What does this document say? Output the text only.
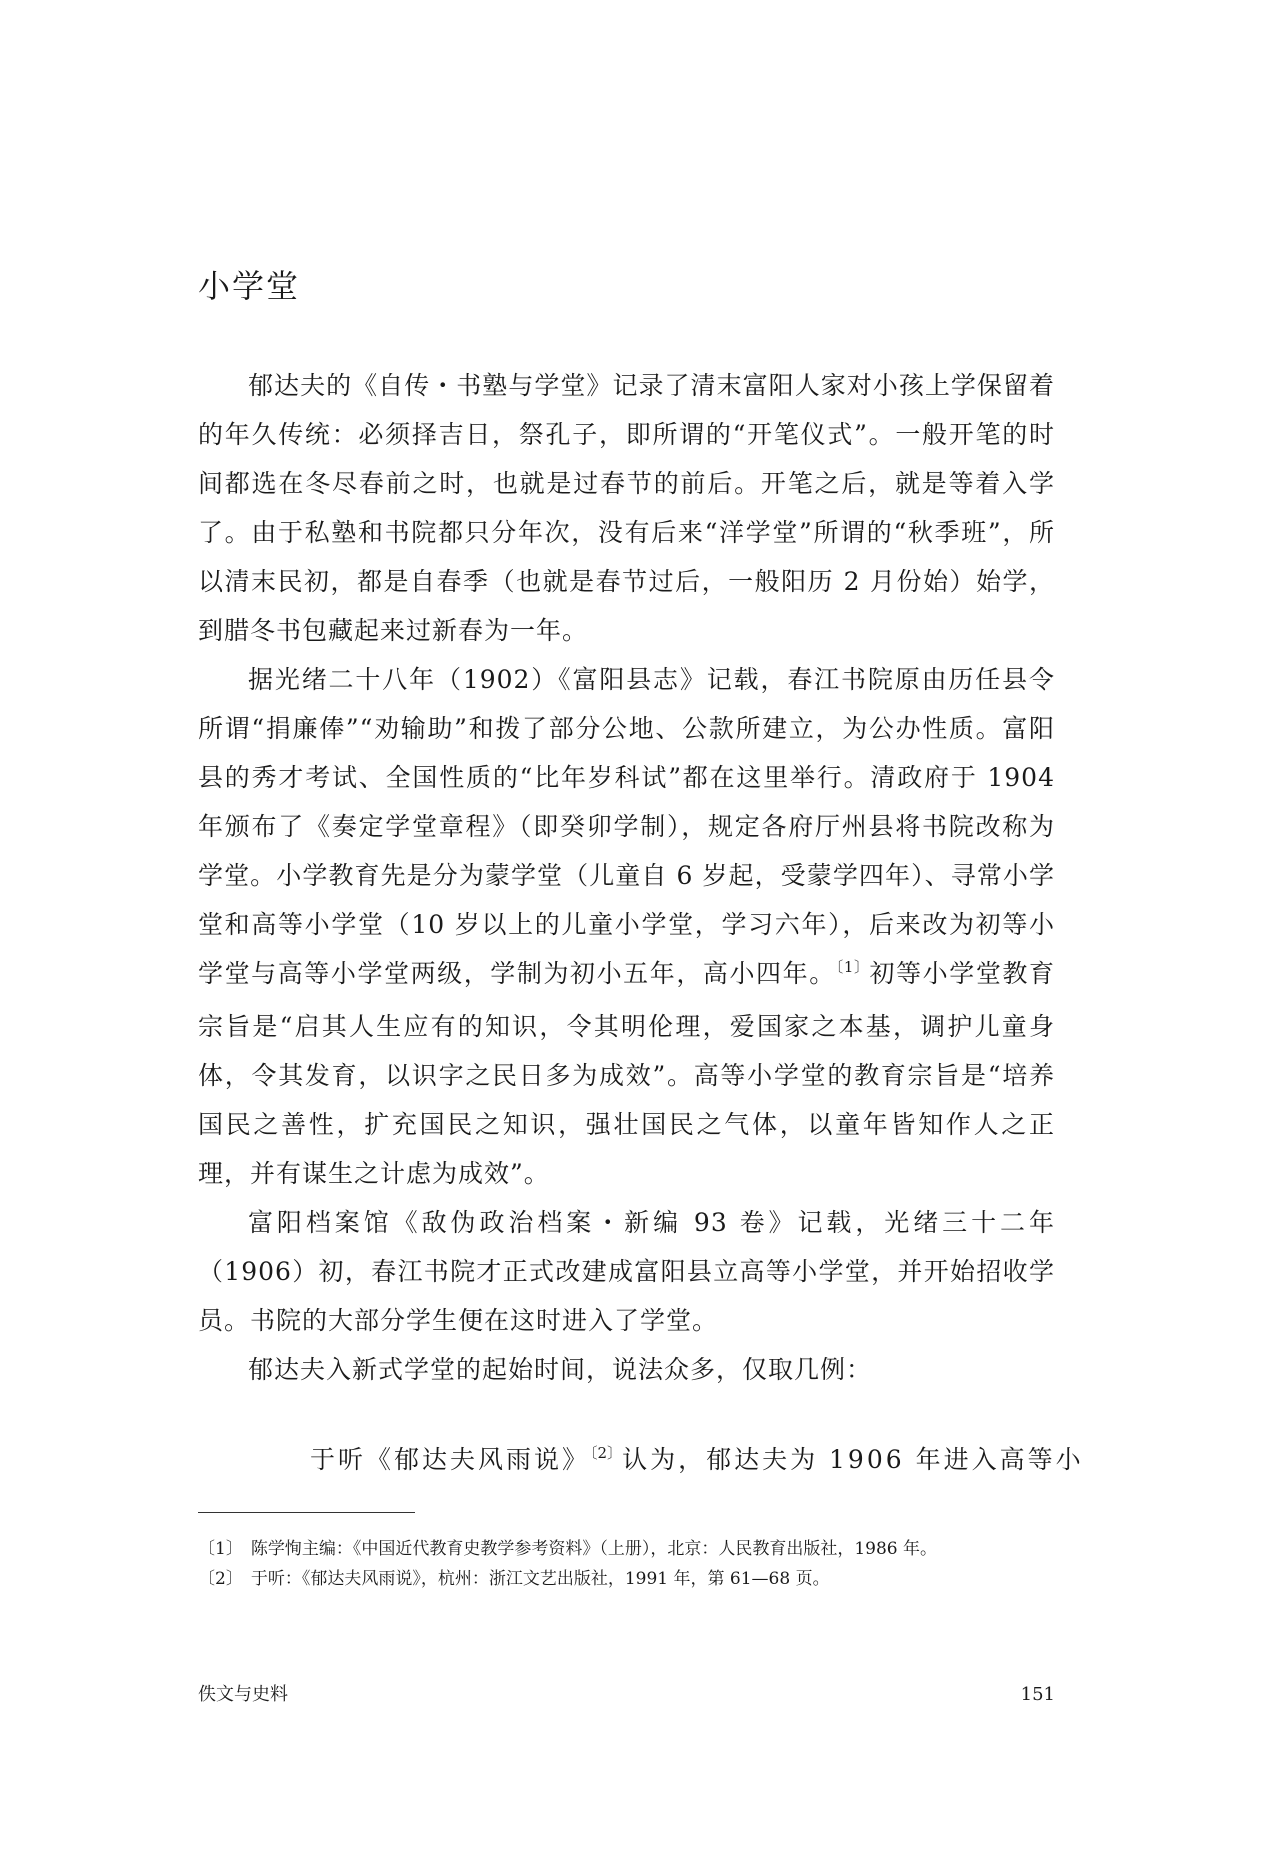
小学堂

郁达夫的《自传・书塾与学堂》记录了清末富阳人家对小孩上学保留着的年久传统：必须择吉日，祭孔子，即所谓的“开笔仪式”。一般开笔的时间都选在冬尽春前之时，也就是过春节的前后。开笔之后，就是等着入学了。由于私塾和书院都只分年次，没有后来“洋学堂”所谓的“秋季班”，所以清末民初，都是自春季（也就是春节过后，一般阳历 2 月份始）始学，到腊冬书包藏起来过新春为一年。

据光绪二十八年（1902）《富阳县志》记载，春江书院原由历任县令所谓“捐廉俸”“劝输助”和拨了部分公地、公款所建立，为公办性质。富阳县的秀才考试、全国性质的“比年岁科试”都在这里举行。清政府于 1904 年颁布了《奏定学堂章程》（即癸卯学制），规定各府厅州县将书院改称为学堂。小学教育先是分为蒙学堂（儿童自 6 岁起，受蒙学四年）、寻常小学堂和高等小学堂（10 岁以上的儿童小学堂，学习六年），后来改为初等小学堂与高等小学堂两级，学制为初小五年，高小四年。$^{〔1〕}$初等小学堂教育宗旨是“启其人生应有的知识，令其明伦理，爱国家之本基，调护儿童身体，令其发育，以识字之民日多为成效”。高等小学堂的教育宗旨是“培养国民之善性，扩充国民之知识，强壮国民之气体，以童年皆知作人之正理，并有谋生之计虑为成效”。

富阳档案馆《敌伪政治档案・新编 93 卷》记载，光绪三十二年（1906）初，春江书院才正式改建成富阳县立高等小学堂，并开始招收学员。书院的大部分学生便在这时进入了学堂。

郁达夫入新式学堂的起始时间，说法众多，仅取几例：

于听《郁达夫风雨说》$^{〔2〕}$认为，郁达夫为 1906 年进入高等小

〔1〕 陈学恂主编：《中国近代教育史教学参考资料》（上册），北京：人民教育出版社，1986 年。

〔2〕 于听：《郁达夫风雨说》，杭州：浙江文艺出版社，1991 年，第 61—68 页。

佚文与史料	151
